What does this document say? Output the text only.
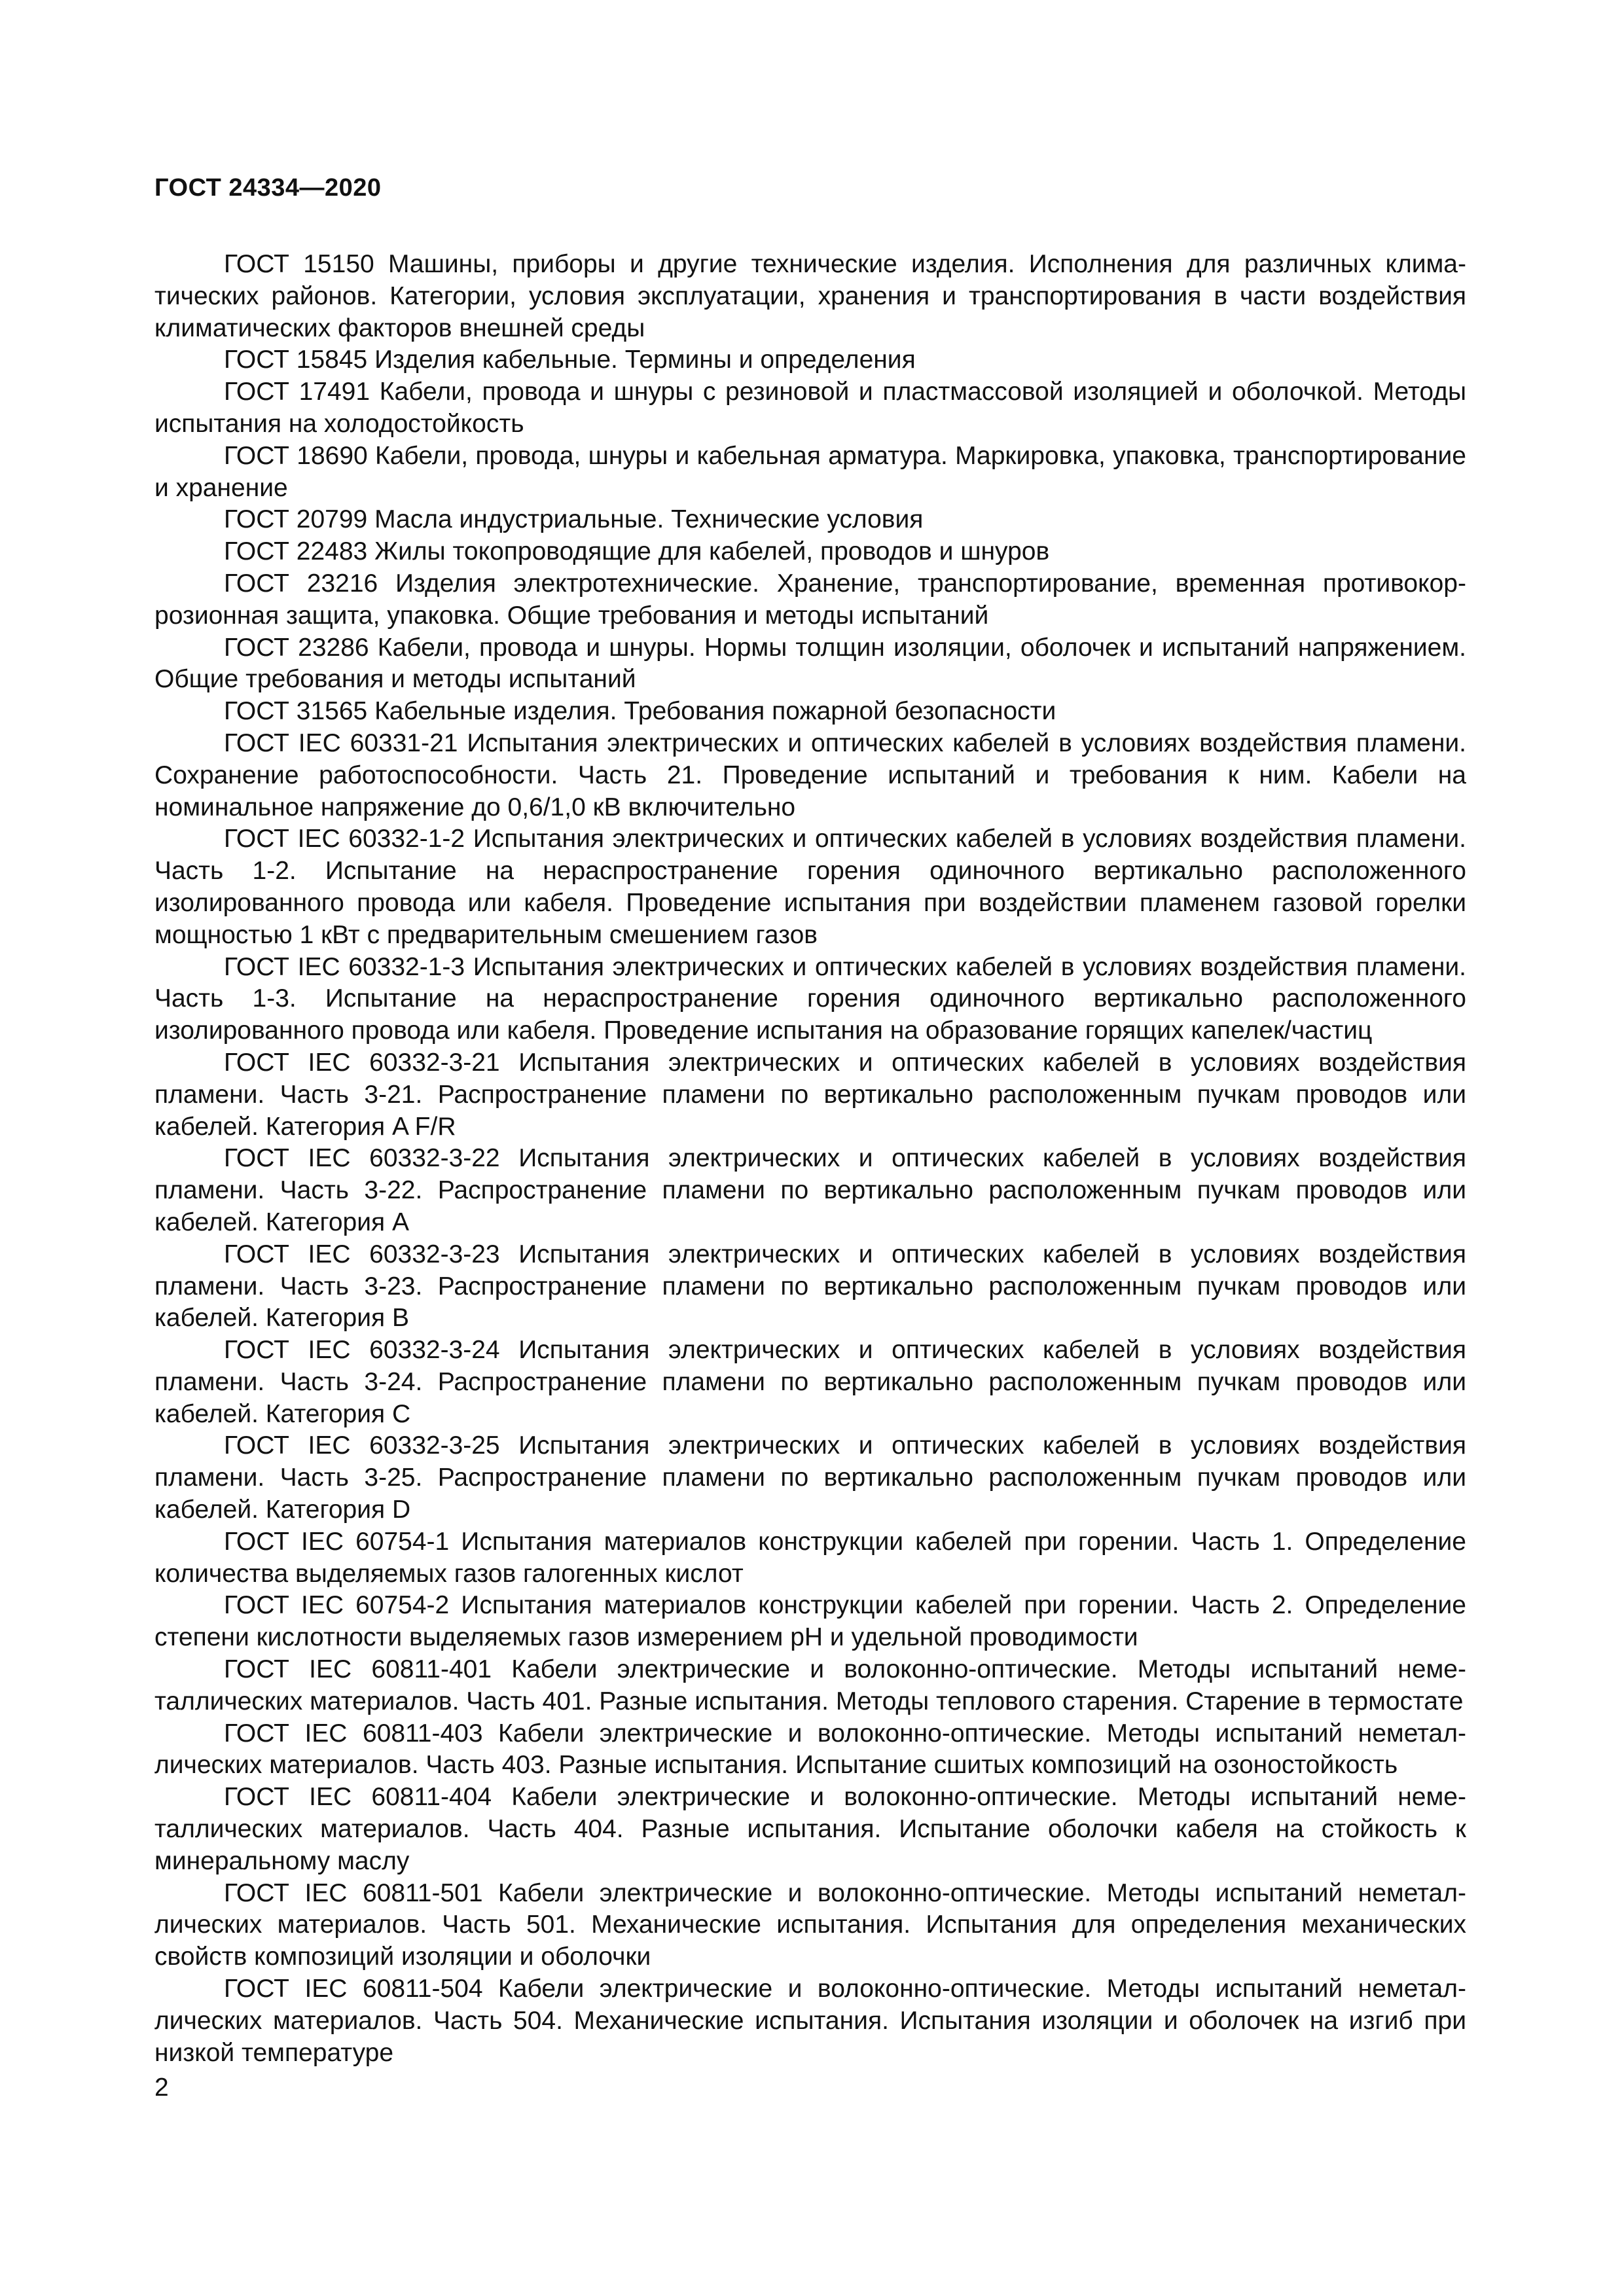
ГОСТ 24334—2020
ГОСТ 15150 Машины, приборы и другие технические изделия. Исполнения для различных климатических районов. Категории, условия эксплуатации, хранения и транспортирования в части воздействия климатических факторов внешней среды
ГОСТ 15845 Изделия кабельные. Термины и определения
ГОСТ 17491 Кабели, провода и шнуры с резиновой и пластмассовой изоляцией и оболочкой. Методы испытания на холодостойкость
ГОСТ 18690 Кабели, провода, шнуры и кабельная арматура. Маркировка, упаковка, транспортирование и хранение
ГОСТ 20799 Масла индустриальные. Технические условия
ГОСТ 22483 Жилы токопроводящие для кабелей, проводов и шнуров
ГОСТ 23216 Изделия электротехнические. Хранение, транспортирование, временная противокоррозионная защита, упаковка. Общие требования и методы испытаний
ГОСТ 23286 Кабели, провода и шнуры. Нормы толщин изоляции, оболочек и испытаний напряжением. Общие требования и методы испытаний
ГОСТ 31565 Кабельные изделия. Требования пожарной безопасности
ГОСТ IEC 60331-21 Испытания электрических и оптических кабелей в условиях воздействия пламени. Сохранение работоспособности. Часть 21. Проведение испытаний и требования к ним. Кабели на номинальное напряжение до 0,6/1,0 кВ включительно
ГОСТ IEC 60332-1-2 Испытания электрических и оптических кабелей в условиях воздействия пламени. Часть 1-2. Испытание на нераспространение горения одиночного вертикально расположенного изолированного провода или кабеля. Проведение испытания при воздействии пламенем газовой горелки мощностью 1 кВт с предварительным смешением газов
ГОСТ IEC 60332-1-3 Испытания электрических и оптических кабелей в условиях воздействия пламени. Часть 1-3. Испытание на нераспространение горения одиночного вертикально расположенного изолированного провода или кабеля. Проведение испытания на образование горящих капелек/частиц
ГОСТ IEC 60332-3-21 Испытания электрических и оптических кабелей в условиях воздействия пламени. Часть 3-21. Распространение пламени по вертикально расположенным пучкам проводов или кабелей. Категория A F/R
ГОСТ IEC 60332-3-22 Испытания электрических и оптических кабелей в условиях воздействия пламени. Часть 3-22. Распространение пламени по вертикально расположенным пучкам проводов или кабелей. Категория А
ГОСТ IEC 60332-3-23 Испытания электрических и оптических кабелей в условиях воздействия пламени. Часть 3-23. Распространение пламени по вертикально расположенным пучкам проводов или кабелей. Категория В
ГОСТ IEC 60332-3-24 Испытания электрических и оптических кабелей в условиях воздействия пламени. Часть 3-24. Распространение пламени по вертикально расположенным пучкам проводов или кабелей. Категория С
ГОСТ IEC 60332-3-25 Испытания электрических и оптических кабелей в условиях воздействия пламени. Часть 3-25. Распространение пламени по вертикально расположенным пучкам проводов или кабелей. Категория D
ГОСТ IEC 60754-1 Испытания материалов конструкции кабелей при горении. Часть 1. Определение количества выделяемых газов галогенных кислот
ГОСТ IEC 60754-2 Испытания материалов конструкции кабелей при горении. Часть 2. Определение степени кислотности выделяемых газов измерением pH и удельной проводимости
ГОСТ IEC 60811-401 Кабели электрические и волоконно-оптические. Методы испытаний неметаллических материалов. Часть 401. Разные испытания. Методы теплового старения. Старение в термостате
ГОСТ IEC 60811-403 Кабели электрические и волоконно-оптические. Методы испытаний неметаллических материалов. Часть 403. Разные испытания. Испытание сшитых композиций на озоностойкость
ГОСТ IEC 60811-404 Кабели электрические и волоконно-оптические. Методы испытаний неметаллических материалов. Часть 404. Разные испытания. Испытание оболочки кабеля на стойкость к минеральному маслу
ГОСТ IEC 60811-501 Кабели электрические и волоконно-оптические. Методы испытаний неметаллических материалов. Часть 501. Механические испытания. Испытания для определения механических свойств композиций изоляции и оболочки
ГОСТ IEC 60811-504 Кабели электрические и волоконно-оптические. Методы испытаний неметаллических материалов. Часть 504. Механические испытания. Испытания изоляции и оболочек на изгиб при низкой температуре

2
